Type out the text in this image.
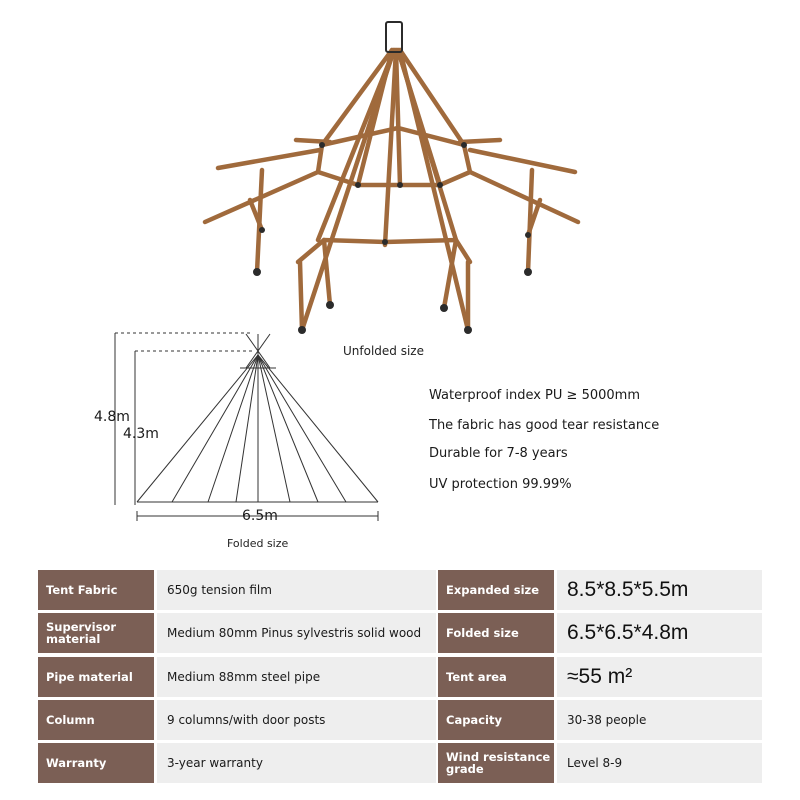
Unfolded size
4.8m
4.3m
6.5m
Folded size
Waterproof index PU ≥ 5000mm
The fabric has good tear resistance
Durable for 7-8 years
UV protection 99.99%
Tent Fabric	650g tension film	Expanded size	8.5*8.5*5.5m
Supervisor material	Medium 80mm Pinus sylvestris solid wood	Folded size	6.5*6.5*4.8m
Pipe material	Medium 88mm steel pipe	Tent area	≈55 m²
Column	9 columns/with door posts	Capacity	30-38 people
Warranty	3-year warranty	Wind resistance grade	Level 8-9
